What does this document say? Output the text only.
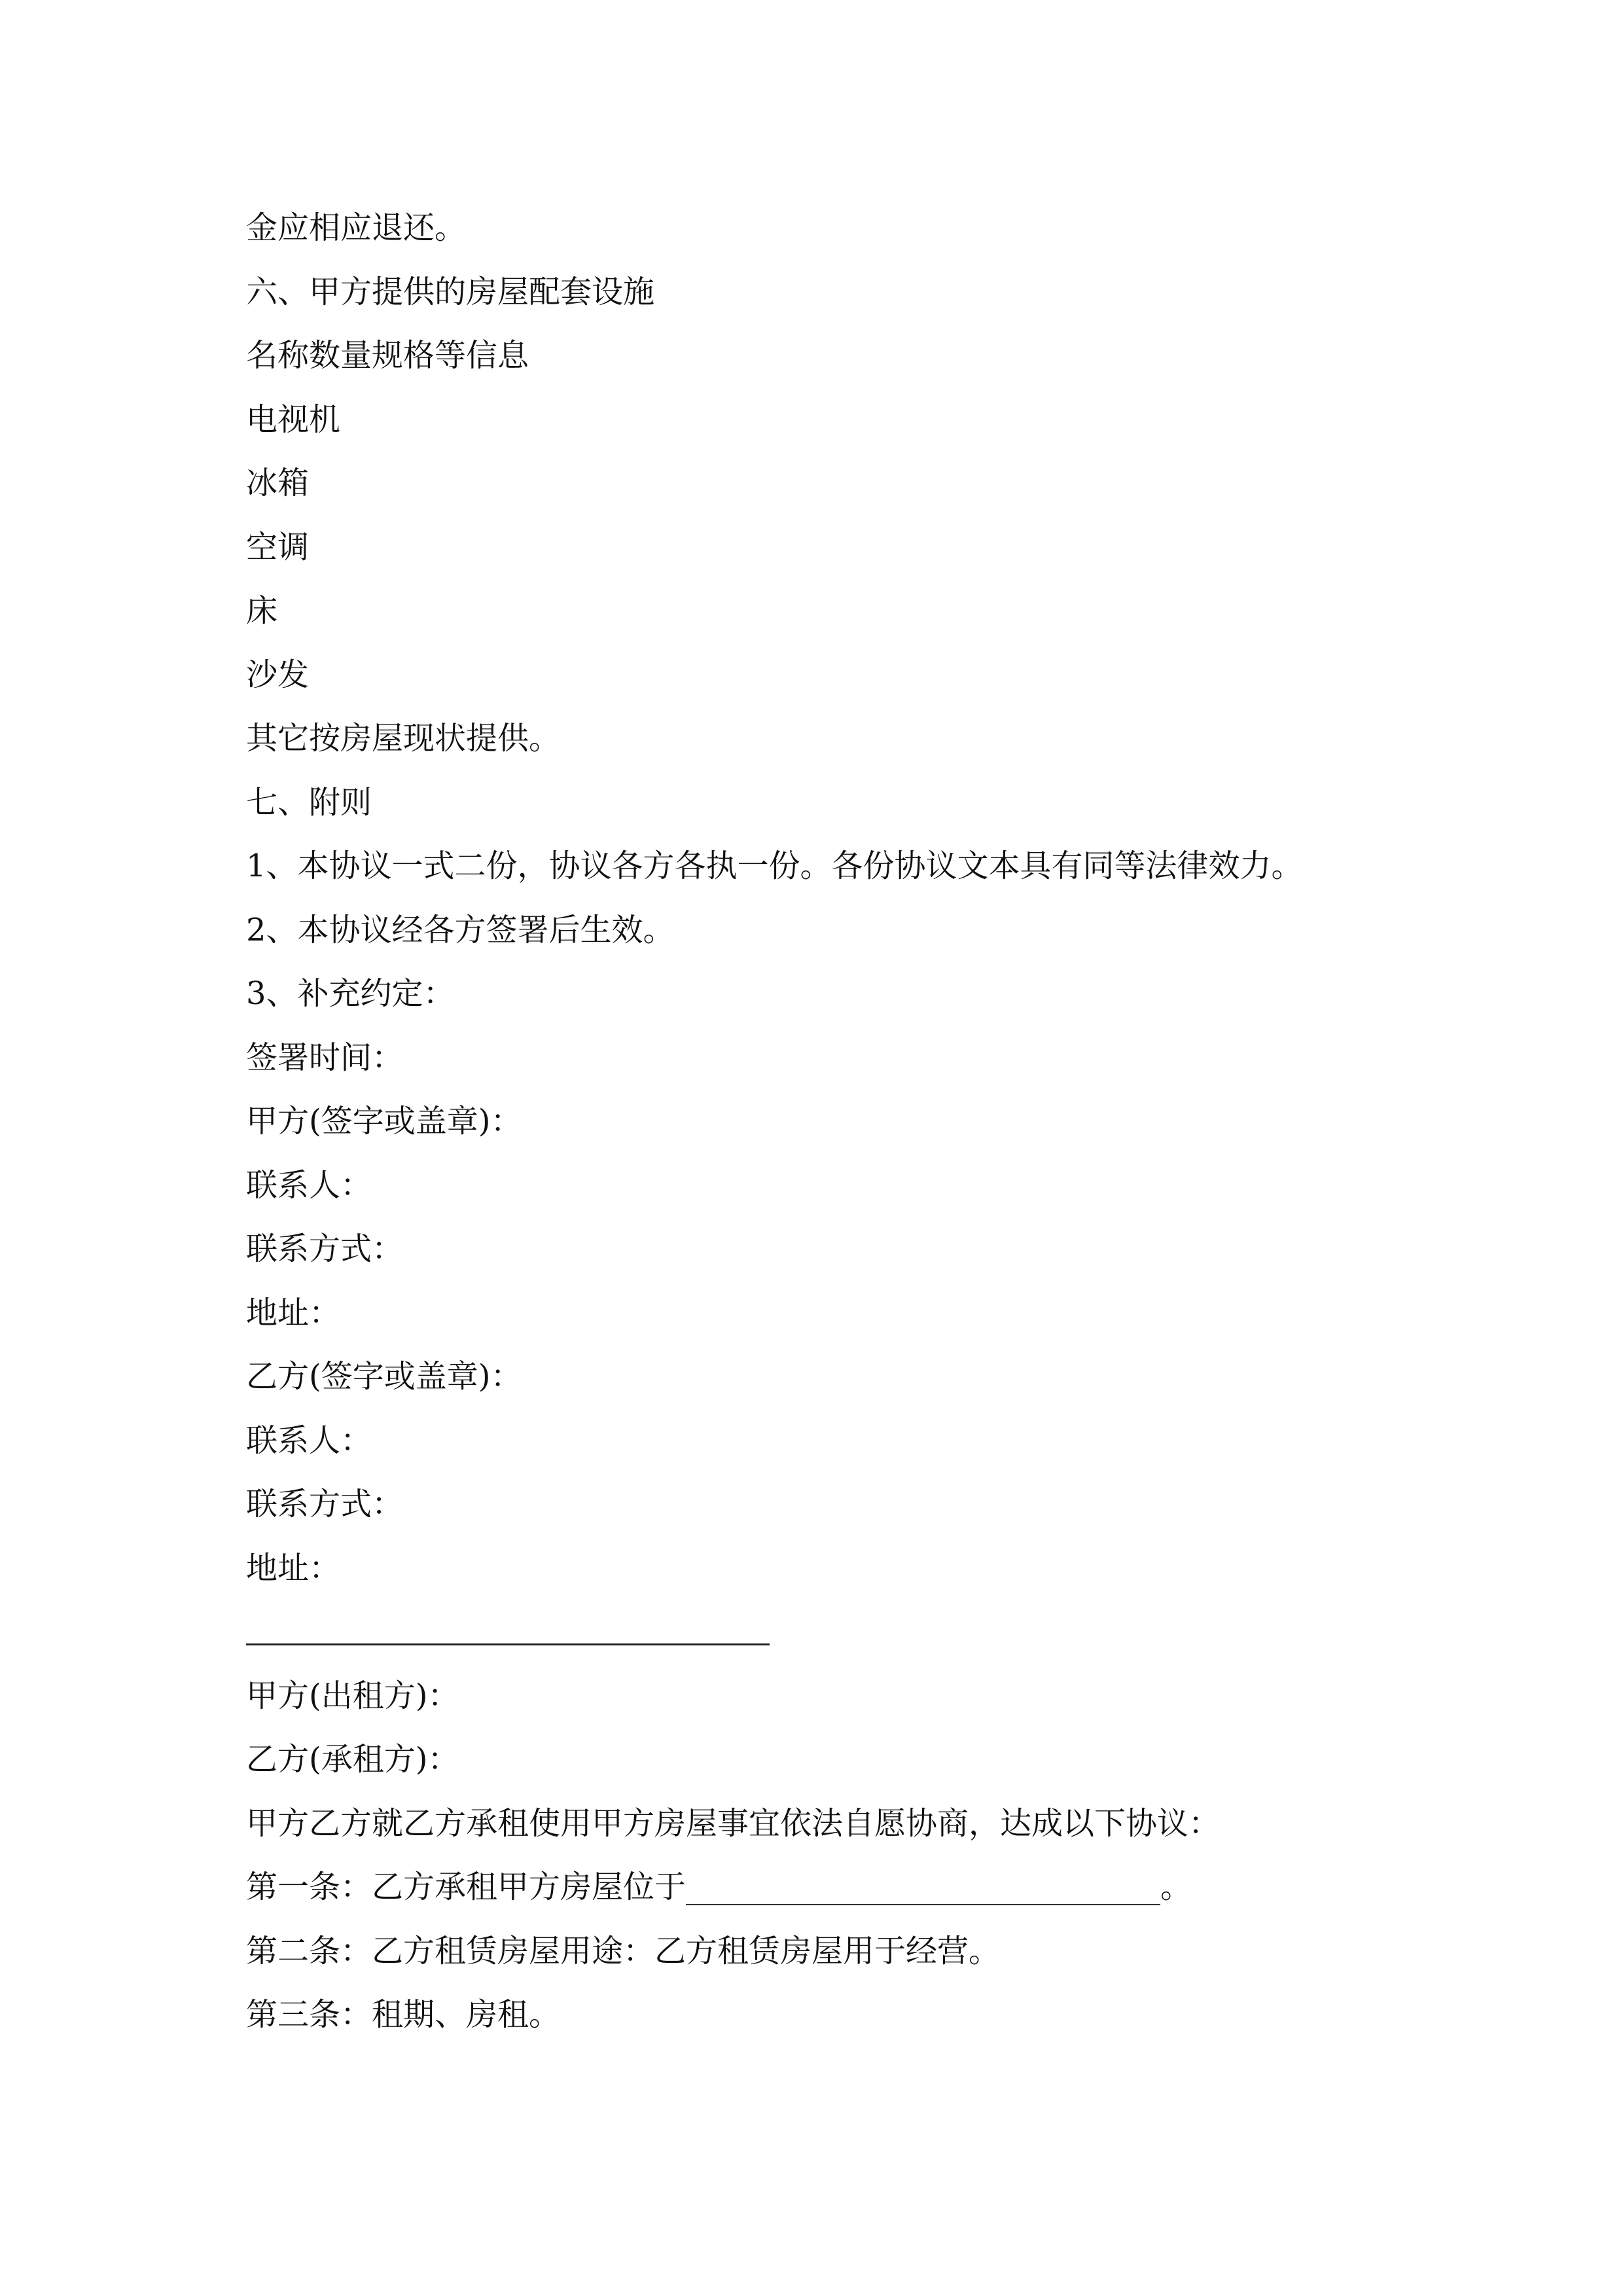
金应相应退还。
六、甲方提供的房屋配套设施
名称数量规格等信息
电视机
冰箱
空调
床
沙发
其它按房屋现状提供。
七、附则
1、本协议一式二份，协议各方各执一份。各份协议文本具有同等法律效力。
2、本协议经各方签署后生效。
3、补充约定：
签署时间：
甲方(签字或盖章)：
联系人：
联系方式：
地址：
乙方(签字或盖章)：
联系人：
联系方式：
地址：
甲方(出租方)：
乙方(承租方)：
甲方乙方就乙方承租使用甲方房屋事宜依法自愿协商，达成以下协议：
第一条：乙方承租甲方房屋位于	。
第二条：乙方租赁房屋用途：乙方租赁房屋用于经营。
第三条：租期、房租。
